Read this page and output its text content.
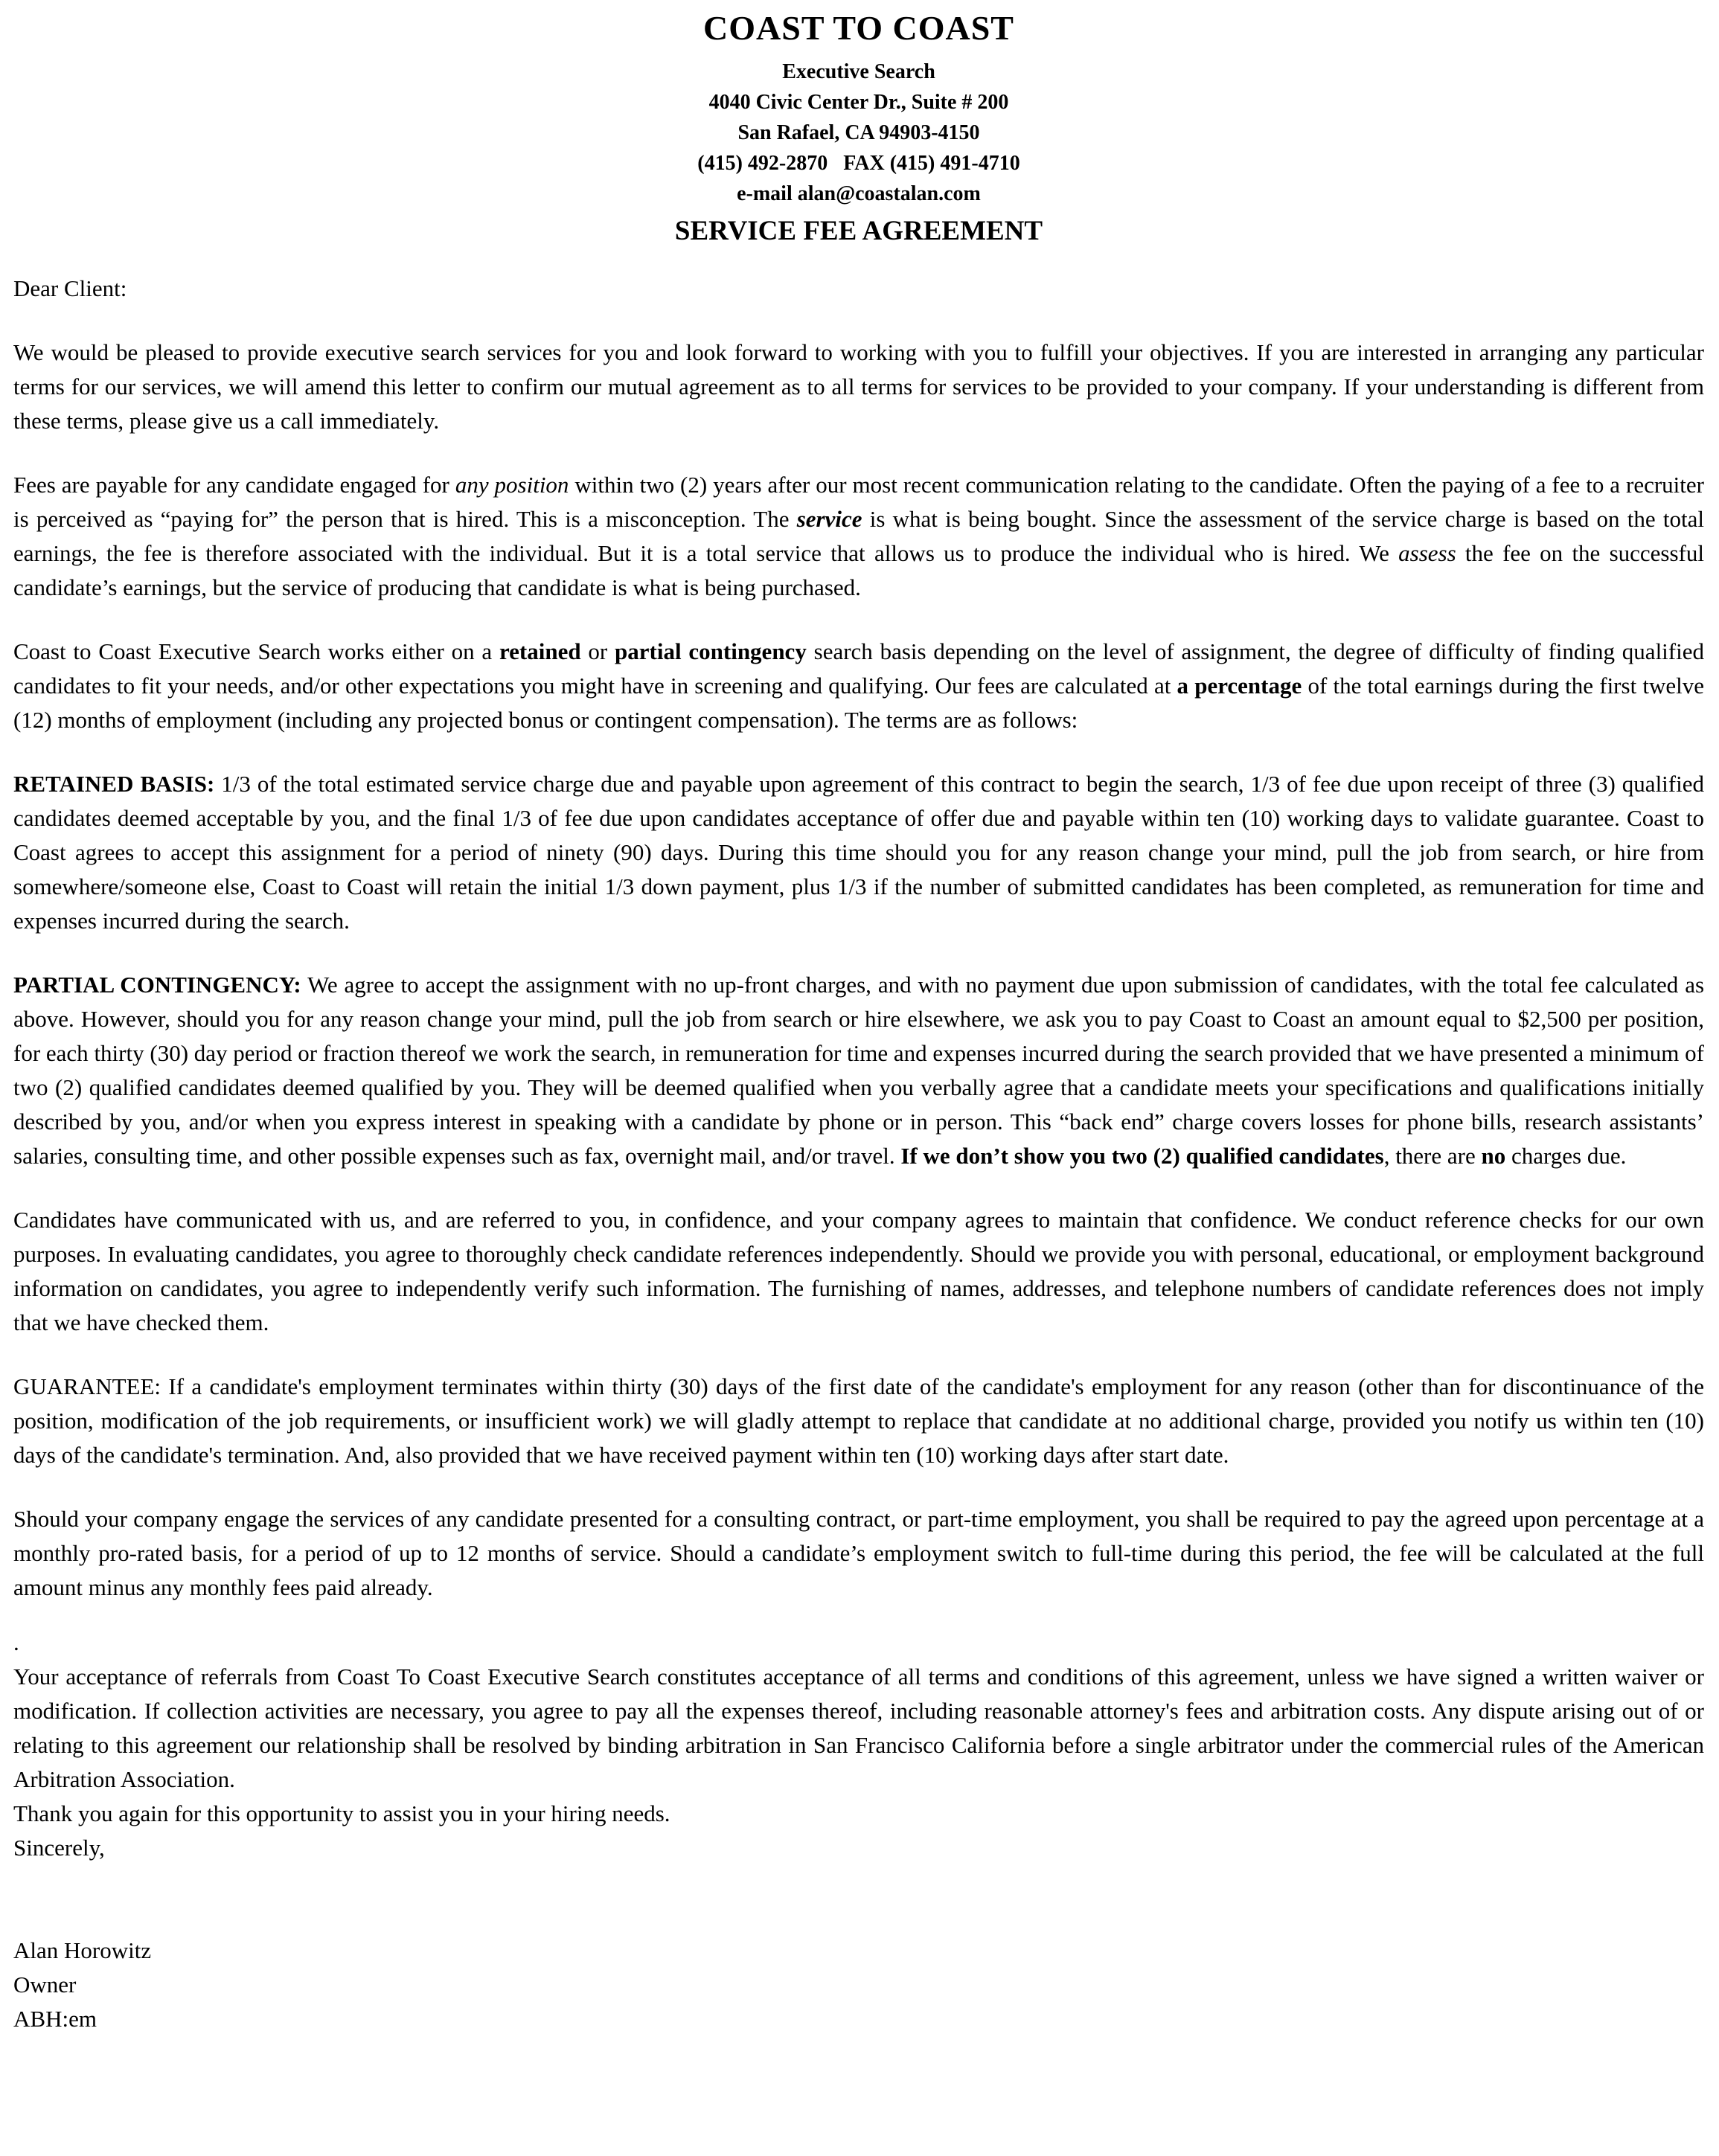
COAST TO COAST
Executive Search
4040 Civic Center Dr., Suite # 200
San Rafael, CA 94903-4150
(415) 492-2870   FAX (415) 491-4710
e-mail alan@coastalan.com
SERVICE FEE AGREEMENT
Dear Client:

We would be pleased to provide executive search services for you and look forward to working with you to fulfill your objectives. If you are interested in arranging any particular terms for our services, we will amend this letter to confirm our mutual agreement as to all terms for services to be provided to your company. If your understanding is different from these terms, please give us a call immediately.

Fees are payable for any candidate engaged for any position within two (2) years after our most recent communication relating to the candidate. Often the paying of a fee to a recruiter is perceived as “paying for” the person that is hired. This is a misconception. The service is what is being bought. Since the assessment of the service charge is based on the total earnings, the fee is therefore associated with the individual. But it is a total service that allows us to produce the individual who is hired. We assess the fee on the successful candidate’s earnings, but the service of producing that candidate is what is being purchased.

Coast to Coast Executive Search works either on a retained or partial contingency search basis depending on the level of assignment, the degree of difficulty of finding qualified candidates to fit your needs, and/or other expectations you might have in screening and qualifying. Our fees are calculated at a percentage of the total earnings during the first twelve (12) months of employment (including any projected bonus or contingent compensation). The terms are as follows:

RETAINED BASIS: 1/3 of the total estimated service charge due and payable upon agreement of this contract to begin the search, 1/3 of fee due upon receipt of three (3) qualified candidates deemed acceptable by you, and the final 1/3 of fee due upon candidates acceptance of offer due and payable within ten (10) working days to validate guarantee. Coast to Coast agrees to accept this assignment for a period of ninety (90) days. During this time should you for any reason change your mind, pull the job from search, or hire from somewhere/someone else, Coast to Coast will retain the initial 1/3 down payment, plus 1/3 if the number of submitted candidates has been completed, as remuneration for time and expenses incurred during the search.

PARTIAL CONTINGENCY: We agree to accept the assignment with no up-front charges, and with no payment due upon submission of candidates, with the total fee calculated as above. However, should you for any reason change your mind, pull the job from search or hire elsewhere, we ask you to pay Coast to Coast an amount equal to $2,500 per position, for each thirty (30) day period or fraction thereof we work the search, in remuneration for time and expenses incurred during the search provided that we have presented a minimum of two (2) qualified candidates deemed qualified by you. They will be deemed qualified when you verbally agree that a candidate meets your specifications and qualifications initially described by you, and/or when you express interest in speaking with a candidate by phone or in person. This “back end” charge covers losses for phone bills, research assistants’ salaries, consulting time, and other possible expenses such as fax, overnight mail, and/or travel. If we don’t show you two (2) qualified candidates, there are no charges due.

Candidates have communicated with us, and are referred to you, in confidence, and your company agrees to maintain that confidence. We conduct reference checks for our own purposes. In evaluating candidates, you agree to thoroughly check candidate references independently. Should we provide you with personal, educational, or employment background information on candidates, you agree to independently verify such information. The furnishing of names, addresses, and telephone numbers of candidate references does not imply that we have checked them.

GUARANTEE: If a candidate's employment terminates within thirty (30) days of the first date of the candidate's employment for any reason (other than for discontinuance of the position, modification of the job requirements, or insufficient work) we will gladly attempt to replace that candidate at no additional charge, provided you notify us within ten (10) days of the candidate's termination. And, also provided that we have received payment within ten (10) working days after start date.

Should your company engage the services of any candidate presented for a consulting contract, or part-time employment, you shall be required to pay the agreed upon percentage at a monthly pro-rated basis, for a period of up to 12 months of service. Should a candidate’s employment switch to full-time during this period, the fee will be calculated at the full amount minus any monthly fees paid already.

.

Your acceptance of referrals from Coast To Coast Executive Search constitutes acceptance of all terms and conditions of this agreement, unless we have signed a written waiver or modification. If collection activities are necessary, you agree to pay all the expenses thereof, including reasonable attorney's fees and arbitration costs. Any dispute arising out of or relating to this agreement our relationship shall be resolved by binding arbitration in San Francisco California before a single arbitrator under the commercial rules of the American Arbitration Association.

Thank you again for this opportunity to assist you in your hiring needs.

Sincerely,

Alan Horowitz
Owner
ABH:em
